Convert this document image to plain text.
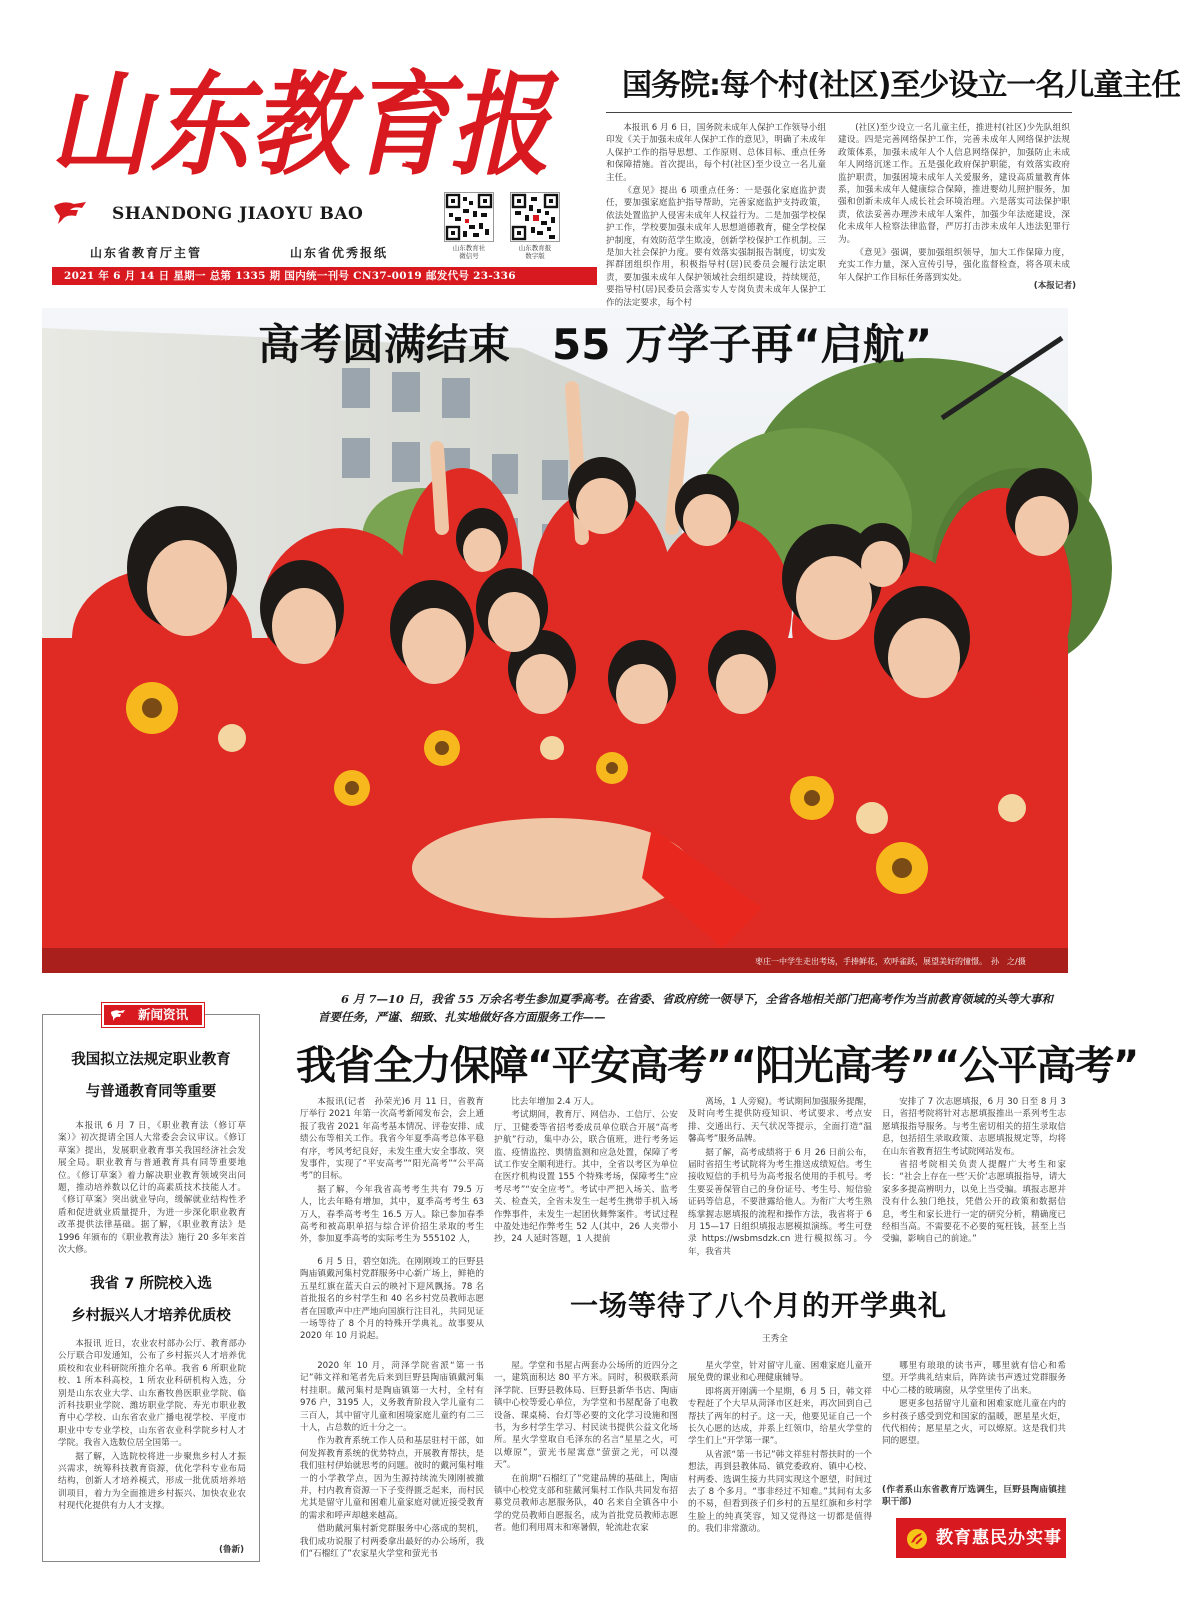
山东教育报
SHANDONG JIAOYU BAO
山东教育社
微信号
山东教育报
数字版
山东省教育厅主管	山东省优秀报纸
2021 年 6 月 14 日 星期一 总第 1335 期 国内统一刊号 CN37-0019 邮发代号 23-336
国务院:每个村(社区)至少设立一名儿童主任

本报讯 6 月 6 日，国务院未成年人保护工作领导小组印发《关于加强未成年人保护工作的意见》，明确了未成年人保护工作的指导思想、工作原则、总体目标、重点任务和保障措施。首次提出，每个村(社区)至少设立一名儿童主任。

《意见》提出 6 项重点任务：一是强化家庭监护责任，要加强家庭监护指导帮助，完善家庭监护支持政策，依法处置监护人侵害未成年人权益行为。二是加强学校保护工作，学校要加强未成年人思想道德教育，健全学校保护制度，有效防范学生欺凌，创新学校保护工作机制。三是加大社会保护力度。要有效落实强制报告制度，切实发挥群团组织作用，积极指导村(居)民委员会履行法定职责，要加强未成年人保护领域社会组织建设，持续规范，要指导村(居)民委员会落实专人专岗负责未成年人保护工作的法定要求，每个村

(社区)至少设立一名儿童主任，推进村(社区)少先队组织建设。四是完善网络保护工作，完善未成年人网络保护法规政策体系，加强未成年人个人信息网络保护，加强防止未成年人网络沉迷工作。五是强化政府保护职能，有效落实政府监护职责，加强困境未成年人关爱服务，建设高质量教育体系，加强未成年人健康综合保障，推进婴幼儿照护服务，加强和创新未成年人成长社会环境治理。六是落实司法保护职责，依法妥善办理涉未成年人案件，加强少年法庭建设，深化未成年人检察法律监督，严厉打击涉未成年人违法犯罪行为。

《意见》强调，要加强组织领导，加大工作保障力度，充实工作力量，深入宣传引导，强化监督检查，将各项未成年人保护工作目标任务落到实处。

(本报记者)
高考圆满结束　55 万学子再“启航”
枣庄一中学生走出考场，手捧鲜花，欢呼雀跃，展望美好的憧憬。　孙　之/摄
6 月 7—10 日，我省 55 万余名考生参加夏季高考。在省委、省政府统一领导下，全省各地相关部门把高考作为当前教育领域的头等大事和首要任务，严谨、细致、扎实地做好各方面服务工作——
我省全力保障“平安高考”“阳光高考”“公平高考”

本报讯(记者　孙荣光)6 月 11 日，省教育厅举行 2021 年第一次高考新闻发布会，会上通报了我省 2021 年高考基本情况、评卷安排、成绩公布等相关工作。我省今年夏季高考总体平稳有序，考风考纪良好，未发生重大安全事故、突发事件，实现了“平安高考”“阳光高考”“公平高考”的目标。

据了解，今年我省高考考生共有 79.5 万人，比去年略有增加，其中，夏季高考考生 63 万人，春季高考考生 16.5 万人。除已参加春季高考和被高职单招与综合评价招生录取的考生外，参加夏季高考的实际考生为 555102 人，

比去年增加 2.4 万人。

考试期间，教育厅、网信办、工信厅、公安厅、卫健委等省招考委成员单位联合开展“高考护航”行动，集中办公，联合值班，进行考务运监、疫情监控、舆情监测和应急处置，保障了考试工作安全顺利进行。其中，全省以考区为单位在医疗机构设置 155 个特殊考场，保障考生“应考尽考”“安全应考”。考试中严把入场关、监考关、检查关，全省未发生一起考生携带手机入场作弊事件，未发生一起团伙舞弊案件。考试过程中盈处违纪作弊考生 52 人(其中，26 人夹带小抄，24 人延时答题，1 人提前

离场，1 人旁窥)。考试期间加强服务提醒，及时向考生提供防疫知识、考试要求、考点安排、交通出行、天气状况等提示，全面打造“温馨高考”服务品牌。

据了解，高考成绩将于 6 月 26 日前公布，届时省招生考试院将为考生推送成绩短信。考生接收短信的手机号为高考报名使用的手机号。考生要妥善保管自己的身份证号、考生号、短信验证码等信息，不要泄露给他人。为衔广大考生熟练掌握志愿填报的流程和操作方法，我省将于 6 月 15—17 日组织填报志愿模拟演练。考生可登录 https://wsbmsdzk.cn 进行模拟练习。今年，我省共

安排了 7 次志愿填报，6 月 30 日至 8 月 3 日，省招考院将针对志愿填报推出一系列考生志愿填报指导服务。与考生密切相关的招生录取信息，包括招生录取政策、志愿填报规定等，均将在山东省教育招生考试院网站发布。

省招考院相关负责人提醒广大考生和家长：“社会上存在一些‘天价’志愿填报指导，请大家多多提高辨明力，以免上当受骗。填报志愿并没有什么独门绝技，凭借公开的政策和数据信息，考生和家长进行一定的研究分析，精确度已经相当高。不需要花不必要的冤枉钱，甚至上当受骗，影响自己的前途。”

新闻资讯
我国拟立法规定职业教育
与普通教育同等重要

本报讯 6 月 7 日，《职业教育法（修订草案）》初次提请全国人大常委会会议审议。《修订草案》提出，发展职业教育事关我国经济社会发展全局。职业教育与普通教育具有同等重要地位。《修订草案》着力解决职业教育领域突出问题，推动培养数以亿计的高素质技术技能人才。《修订草案》突出就业导向，缓解就业结构性矛盾和促进就业质量提升，为进一步深化职业教育改革提供法律基础。据了解，《职业教育法》是 1996 年颁布的《职业教育法》施行 20 多年来首次大修。

我省 7 所院校入选
乡村振兴人才培养优质校

本报讯 近日，农业农村部办公厅、教育部办公厅联合印发通知，公布了乡村振兴人才培养优质校和农业科研院所推介名单。我省 6 所职业院校、1 所本科高校，1 所农业科研机构入选，分别是山东农业大学、山东畜牧兽医职业学院、临沂科技职业学院、潍坊职业学院、寿光市职业教育中心学校、山东省农业广播电视学校、平度市职业中专专业学校，山东省农业科学院乡村人才学院。我省入选数位居全国第一。

据了解，入选院校将进一步聚焦乡村人才振兴需求，统筹科技教育资源，优化学科专业布局结构，创新人才培养模式，形成一批优质培养培训项目，着力为全面推进乡村振兴、加快农业农村现代化提供有力人才支撑。

(鲁新)

6 月 5 日，碧空如洗。在刚刚竣工的巨野县陶庙镇戴河集村党群服务中心新广场上，鲜艳的五星红旗在蓝天白云的映衬下迎风飘扬。78 名首批报名的乡村学生和 40 名乡村党员教师志愿者在国歌声中庄严地向国旗行注目礼，共同见证一场等待了 8 个月的特殊开学典礼。故事要从 2020 年 10 月说起。

一场等待了八个月的开学典礼
王秀全

2020 年 10 月，菏泽学院省派“第一书记”韩文祥和笔者先后来到巨野县陶庙镇戴河集村挂职。戴河集村是陶庙镇第一大村，全村有 976 户，3195 人，义务教育阶段入学儿童有二三百人，其中留守儿童和困境家庭儿童约有二三十人，占总数的近十分之一。

作为教育系统工作人员和基层驻村干部，如何发挥教育系统的优势特点，开展教育帮扶，是我们驻村伊始就思考的问题。彼时的戴河集村唯一的小学教学点，因为生源持续流失刚刚被撤并，村内教育资源一下子变得匮乏起来，而村民尤其是留守儿童和困难儿童家庭对就近接受教育的需求和呼声却越来越高。

借助戴河集村新党群服务中心落成的契机，我们成功说服了村两委拿出最好的办公场所，我们“石榴红了”农家星火学堂和萤光书

屋。学堂和书屋占两套办公场所的近四分之一，建筑面积达 80 平方米。同时，积极联系菏泽学院、巨野县教体局、巨野县新华书店、陶庙镇中心校等爱心单位，为学堂和书屋配备了电教设备、课桌椅、台灯等必要的文化学习设施和图书，为乡村学生学习、村民读书提供公益文化场所。星火学堂取自毛泽东的名言“星星之火，可以燎原”，萤光书屋寓意“萤萤之光，可以漫天”。

在前期“石榴红了”党建品牌的基础上，陶庙镇中心校党支部和驻戴河集村工作队共同发布招募党员教师志愿服务队，40 名来自全镇各中小学的党员教师自愿报名，成为首批党员教师志愿者。他们利用周末和寒暑假，轮流赴农家

星火学堂，针对留守儿童、困难家庭儿童开展免费的课业和心理健康辅导。

即将离开刚满一个星期，6 月 5 日，韩文祥专程赶了个大早从菏泽市区赶来，再次回到自己帮扶了两年的村子。这一天，他要见证自己一个长久心愿的达成，并系上红领巾，给星火学堂的学生们上“开学第一课”。

从省派“第一书记”韩文祥驻村帮扶时的一个想法，再到县教体局、镇党委政府、镇中心校、村两委、选调生接力共同实现这个愿望，时间过去了 8 个多月。“事非经过不知难。”其间有太多的不易，但看到孩子们乡村的五星红旗和乡村学生脸上的纯真笑容，知又觉得这一切都是值得的。我们非常激动。

哪里有琅琅的读书声，哪里就有信心和希望。开学典礼结束后，阵阵读书声透过党群服务中心二楼的玻璃窗，从学堂里传了出来。

愿更多包括留守儿童和困难家庭儿童在内的乡村孩子感受到党和国家的温暖，愿星星火炬，代代相传；愿星星之火，可以燎原。这是我们共同的愿望。

(作者系山东省教育厅选调生，巨野县陶庙镇挂职干部)
教育惠民办实事
